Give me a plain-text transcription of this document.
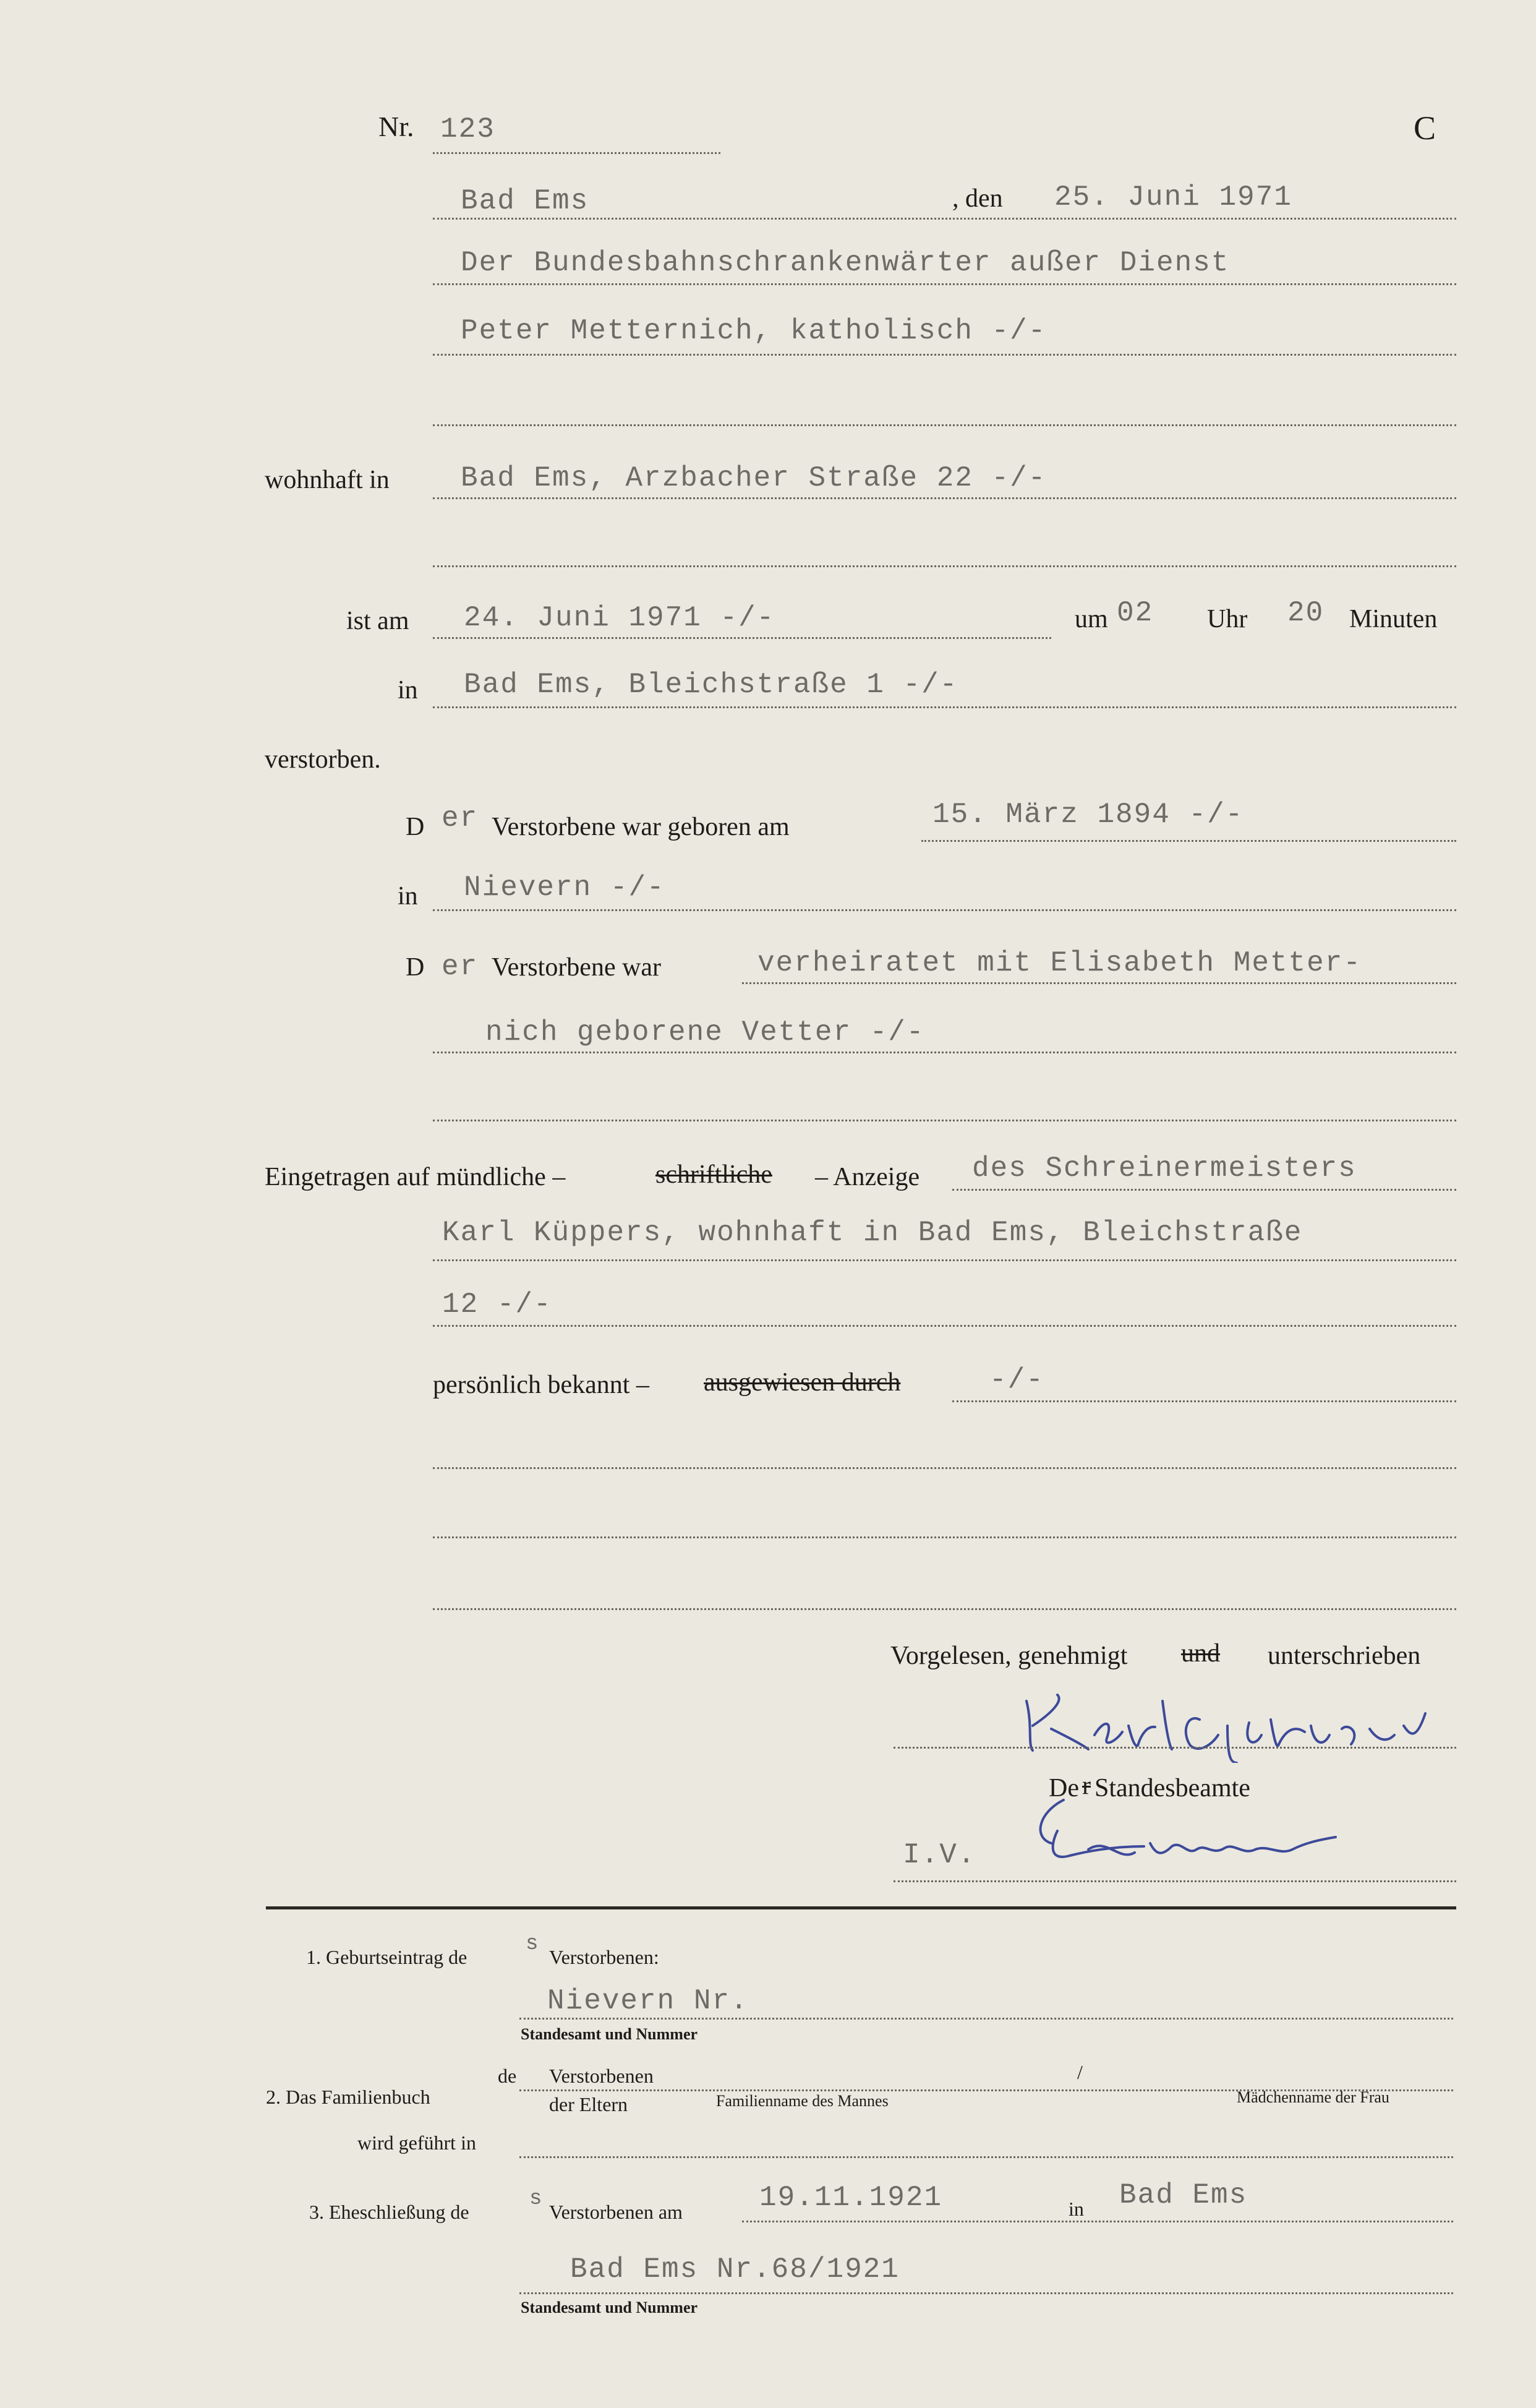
Nr. 123	C
Bad Ems	, den 25. Juni 1971
Der Bundesbahnschrankenwärter außer Dienst
Peter Metternich, katholisch -/-
wohnhaft in	Bad Ems, Arzbacher Straße 22 -/-
ist am 24. Juni 1971 -/-	um 02 Uhr 20 Minuten
in Bad Ems, Bleichstraße 1 -/-
verstorben.
D er Verstorbene war geboren am	15. März 1894 -/-
in Nievern -/-
D er Verstorbene war	verheiratet mit Elisabeth Metter-
nich geborene Vetter -/-
Eingetragen auf mündliche –	schriftliche – Anzeige des Schreinermeisters
Karl Küppers, wohnhaft in Bad Ems, Bleichstraße
12 -/-
persönlich bekannt – ausgewiesen durch	-/-
Vorgelesen, genehmigt und unterschrieben
De r Standesbeamte
I.V.
1. Geburtseintrag de
s
Verstorbenen:
Nievern Nr.
Standesamt und Nummer
2. Das Familienbuch
de Verstorbenen
der Eltern
/
Familienname des Mannes	Mädchenname der Frau
wird geführt in
3. Eheschließung de
s
Verstorbenen am	19.11.1921	in Bad Ems
Bad Ems Nr.68/1921
Standesamt und Nummer
